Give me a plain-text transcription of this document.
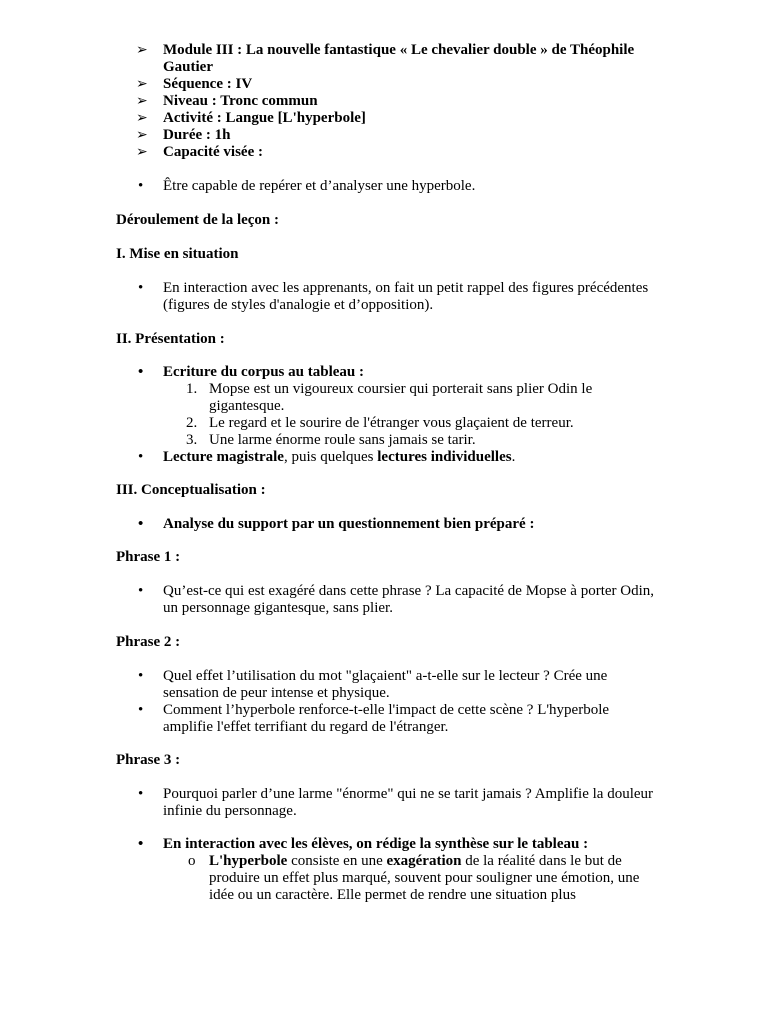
➢ Module III : La nouvelle fantastique « Le chevalier double » de Théophile Gautier
➢ Séquence : IV
➢ Niveau : Tronc commun
➢ Activité : Langue [L'hyperbole]
➢ Durée : 1h
➢ Capacité visée :
• Être capable de repérer et d’analyser une hyperbole.
Déroulement de la leçon :
I. Mise en situation
• En interaction avec les apprenants, on fait un petit rappel des figures précédentes (figures de styles d'analogie et d’opposition).
II. Présentation :
• Ecriture du corpus au tableau :
1. Mopse est un vigoureux coursier qui porterait sans plier Odin le gigantesque.
2. Le regard et le sourire de l'étranger vous glaçaient de terreur.
3. Une larme énorme roule sans jamais se tarir.
• Lecture magistrale, puis quelques lectures individuelles.
III. Conceptualisation :
• Analyse du support par un questionnement bien préparé :
Phrase 1 :
• Qu’est-ce qui est exagéré dans cette phrase ? La capacité de Mopse à porter Odin, un personnage gigantesque, sans plier.
Phrase 2 :
• Quel effet l’utilisation du mot "glaçaient" a-t-elle sur le lecteur ? Crée une sensation de peur intense et physique.
• Comment l’hyperbole renforce-t-elle l'impact de cette scène ? L'hyperbole amplifie l'effet terrifiant du regard de l'étranger.
Phrase 3 :
• Pourquoi parler d’une larme "énorme" qui ne se tarit jamais ? Amplifie la douleur infinie du personnage.
• En interaction avec les élèves, on rédige la synthèse sur le tableau :
o L'hyperbole consiste en une exagération de la réalité dans le but de produire un effet plus marqué, souvent pour souligner une émotion, une idée ou un caractère. Elle permet de rendre une situation plus
